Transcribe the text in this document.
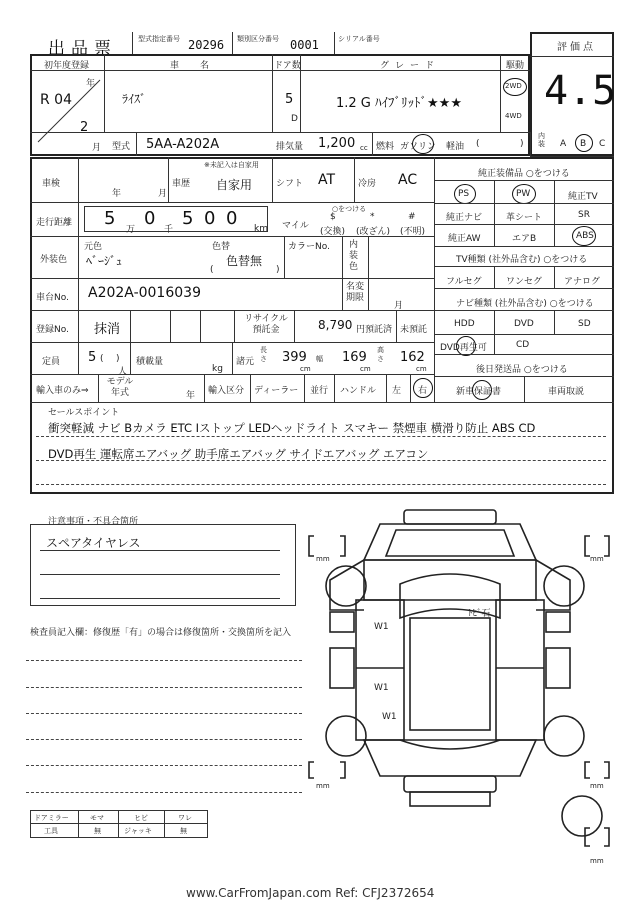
出品票	型式指定番号 20296 類別区分番号 0001	シリアル番号
評価点
4.5
初年度登録
年
R 04
2
月
車　名
ﾗｲｽﾞ
ドア数
5
D
グレード
1.2 G ﾊｲﾌﾞﾘｯﾄﾞ★★★
駆動
2WD
4WD
型式 5AA-A202A	排気量 1,200 cc 燃料 ガソリン 軽油 (	)
内装	A B C
車検
年	月
車歴
※未記入は自家用
自家用	シフト AT	冷房 AC
走行距離 5
万
0
千
5 0 0 km マイル
○をつける
$	*	#
(交換) (改ざん) (不明)
外装色
元色
ﾍﾞｰｼﾞｭ
色替
色替無
(	)
カラーNo. 内装色
車台No. A202A-0016039	名変期限
月
登録No. 抹消
リサイクル預託金	8,790 円預託済 未預託
定員 5 ( )
人
積載量
kg
諸元
長さ 399
cm
幅 169
cm
高さ 162
cm
輸入車のみ⇒
モデル年式	年 輸入区分 ディーラー 並行 ハンドル 左 右
純正装備品 ○をつける
PS	PW	純正TV
純正ナビ	革シート	SR
純正AW	エアB	ABS
TV種類 (社外品含む) ○をつける
フルセグ	ワンセグ アナログ
ナビ種類 (社外品含む) ○をつける
HDD	DVD	SD
DVD再生可	CD
後日発送品 ○をつける
新車保証書	車両取説
セールスポイント
衝突軽減 ナビ Bカメラ ETC Iストップ LEDヘッドライト スマキー 禁煙車 横滑り防止 ABS CD
DVD再生 運転席エアバッグ 助手席エアバッグ サイドエアバッグ エアコン
注意事項・不具合箇所
スペアタイヤレス
検査員記入欄：修復歴「有」の場合は修復箇所・交換箇所を記入
W1
W1
W1
ﾄﾋﾞ石
mm	mm
mm	mm
mm
ドアミラー	モマ	ヒビ	ワレ
工具	無	ジャッキ	無
www.CarFromJapan.com Ref: CFJ2372654
